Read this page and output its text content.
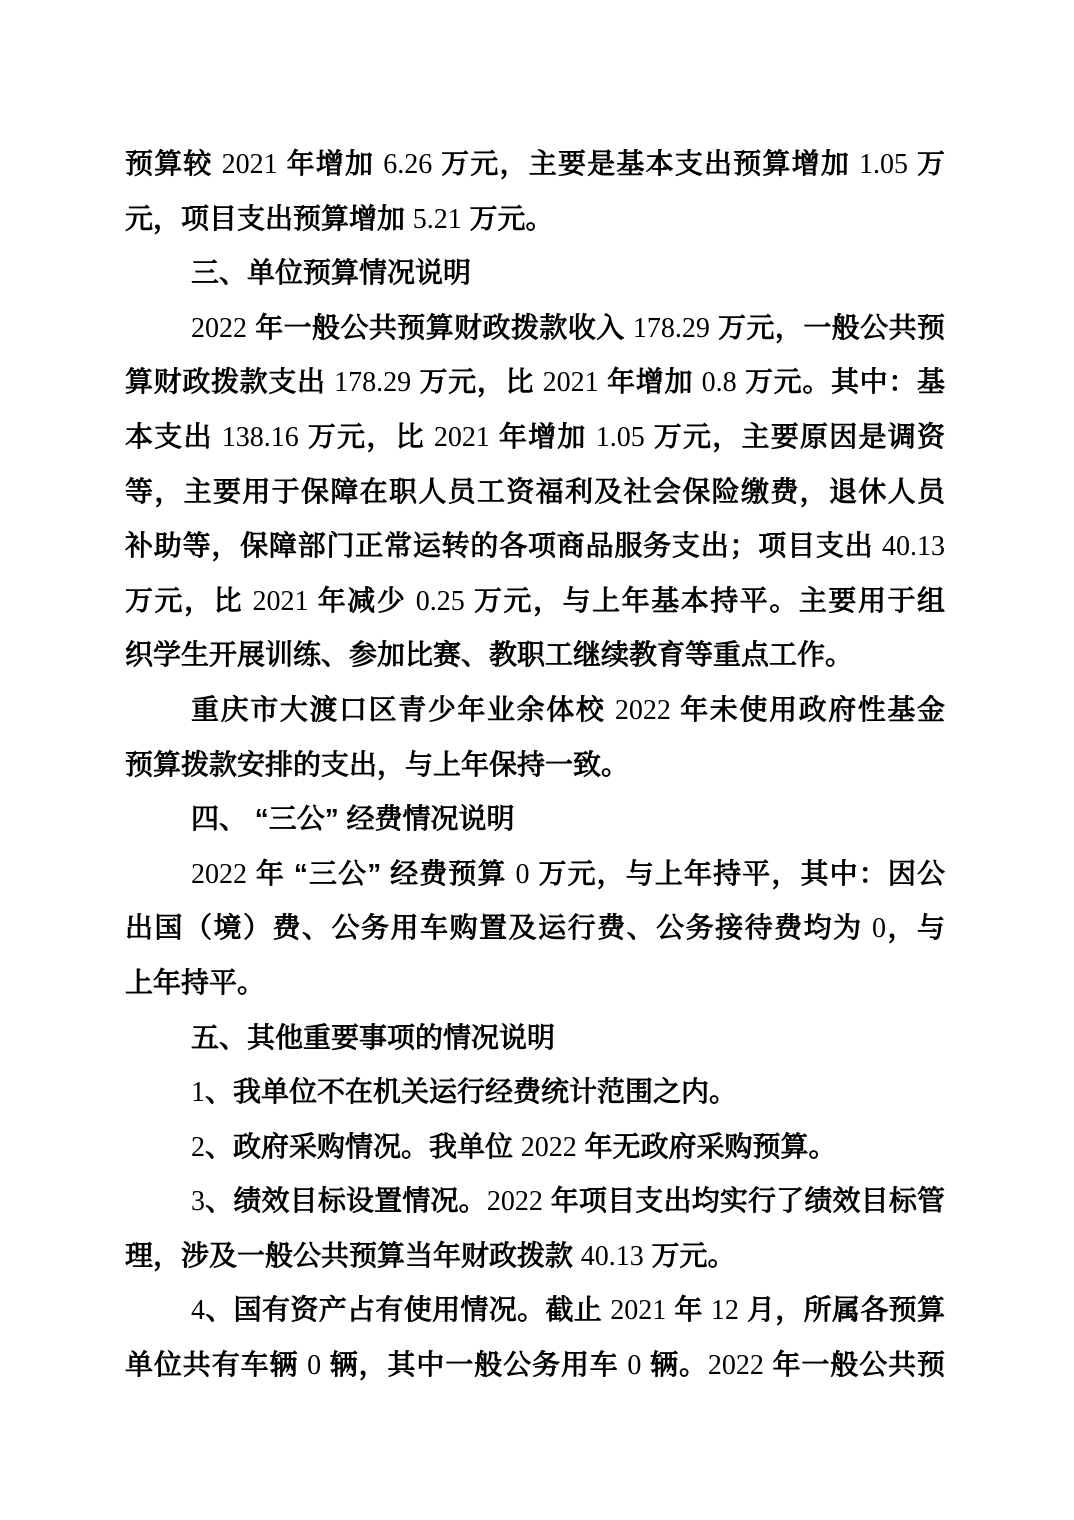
预算较 2021 年增加 6.26 万元，主要是基本支出预算增加 1.05 万
元，项目支出预算增加 5.21 万元。
三、单位预算情况说明
2022 年一般公共预算财政拨款收入 178.29 万元，一般公共预
算财政拨款支出 178.29 万元，比 2021 年增加 0.8 万元。其中：基
本支出 138.16 万元，比 2021 年增加 1.05 万元，主要原因是调资
等，主要用于保障在职人员工资福利及社会保险缴费，退休人员
补助等，保障部门正常运转的各项商品服务支出；项目支出 40.13
万元，比 2021 年减少 0.25 万元，与上年基本持平。主要用于组
织学生开展训练、参加比赛、教职工继续教育等重点工作。
重庆市大渡口区青少年业余体校 2022 年未使用政府性基金
预算拨款安排的支出，与上年保持一致。
四、 “三公” 经费情况说明
2022 年 “三公” 经费预算 0 万元，与上年持平，其中：因公
出国（境）费、公务用车购置及运行费、公务接待费均为 0，与
上年持平。
五、其他重要事项的情况说明
1、我单位不在机关运行经费统计范围之内。
2、政府采购情况。我单位 2022 年无政府采购预算。
3、绩效目标设置情况。2022 年项目支出均实行了绩效目标管
理，涉及一般公共预算当年财政拨款 40.13 万元。
4、国有资产占有使用情况。截止 2021 年 12 月，所属各预算
单位共有车辆 0 辆，其中一般公务用车 0 辆。2022 年一般公共预
